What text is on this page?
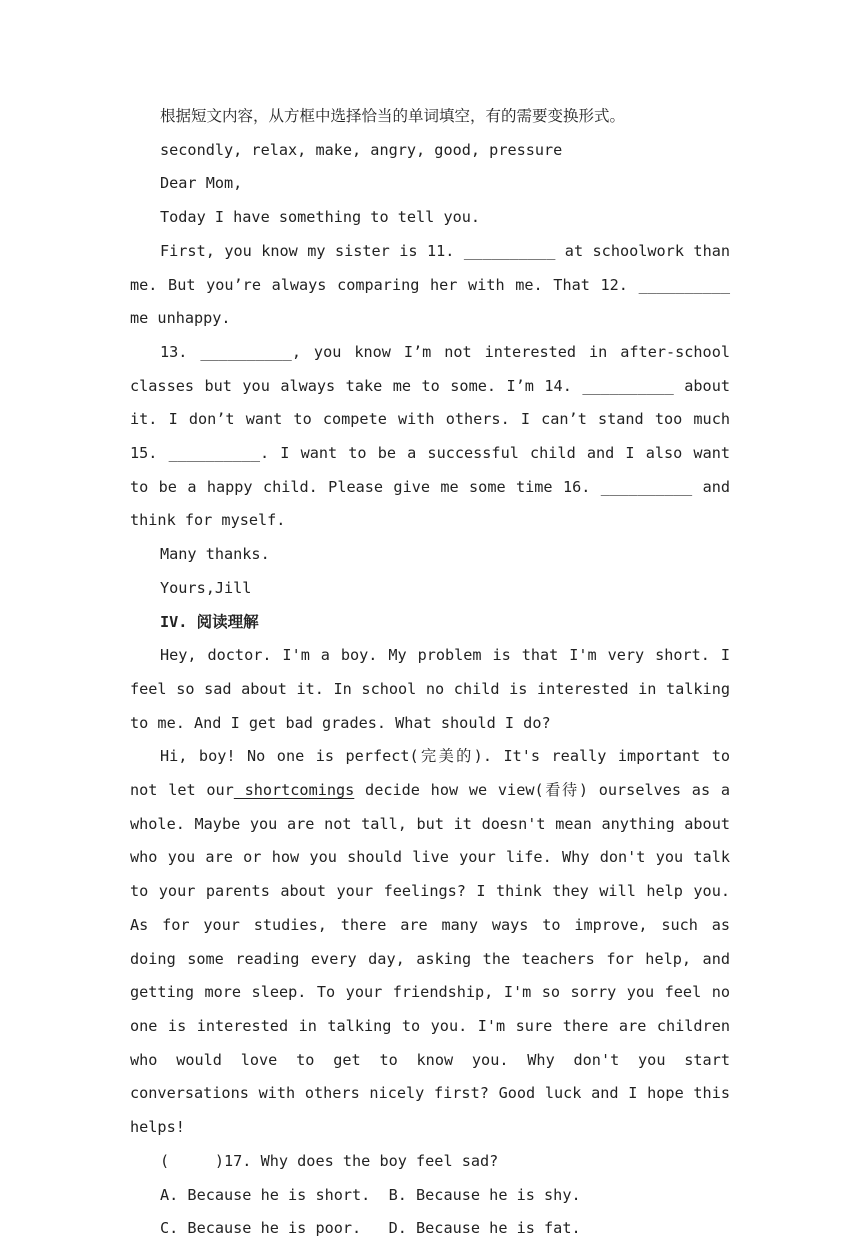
根据短文内容，从方框中选择恰当的单词填空，有的需要变换形式。

secondly, relax, make, angry, good, pressure

Dear Mom,

Today I have something to tell you.

First, you know my sister is 11. __________ at schoolwork than me. But you’re always comparing her with me. That 12. __________ me unhappy.

13. __________, you know I’m not interested in after-school classes but you always take me to some. I’m 14. __________ about it. I don’t want to compete with others. I can’t stand too much 15. __________. I want to be a successful child and I also want to be a happy child. Please give me some time 16. __________ and think for myself.

Many thanks.

Yours,Jill

IV. 阅读理解

Hey, doctor. I'm a boy. My problem is that I'm very short. I feel so sad about it. In school no child is interested in talking to me. And I get bad grades. What should I do?

Hi, boy! No one is perfect(完美的). It's really important to not let our shortcomings decide how we view(看待) ourselves as a whole. Maybe you are not tall, but it doesn't mean anything about who you are or how you should live your life. Why don't you talk to your parents about your feelings? I think they will help you. As for your studies, there are many ways to improve, such as doing some reading every day, asking the teachers for help, and getting more sleep. To your friendship, I'm so sorry you feel no one is interested in talking to you. I'm sure there are children who would love to get to know you. Why don't you start conversations with others nicely first? Good luck and I hope this helps!

(     )17. Why does the boy feel sad?

A. Because he is short.  B. Because he is shy.

C. Because he is poor.   D. Because he is fat.
